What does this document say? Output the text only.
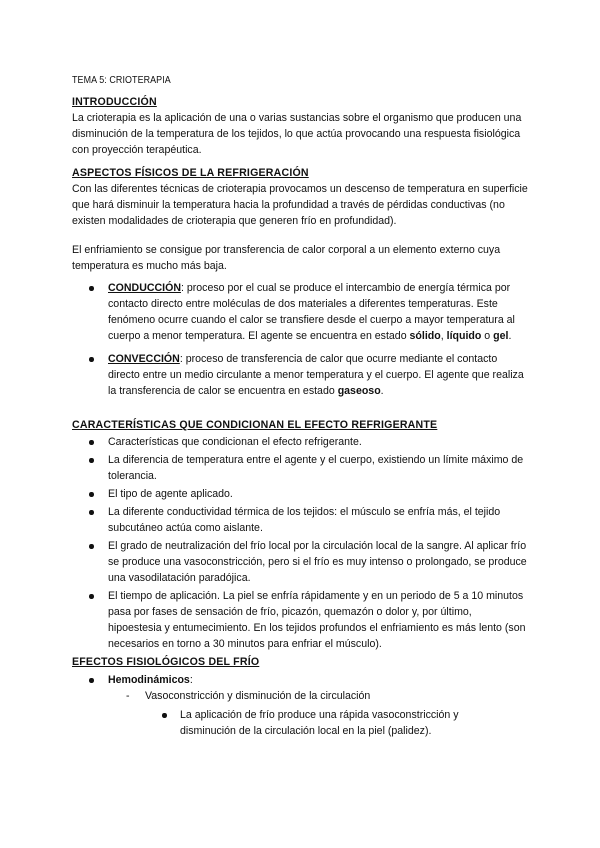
TEMA 5: CRIOTERAPIA
INTRODUCCIÓN

La crioterapia es la aplicación de una o varias sustancias sobre el organismo que producen una disminución de la temperatura de los tejidos, lo que actúa provocando una respuesta fisiológica con proyección terapéutica.

ASPECTOS FÍSICOS DE LA REFRIGERACIÓN

Con las diferentes técnicas de crioterapia provocamos un descenso de temperatura en superficie que hará disminuir la temperatura hacia la profundidad a través de pérdidas conductivas (no existen modalidades de crioterapia que generen frío en profundidad).

El enfriamiento se consigue por transferencia de calor corporal a un elemento externo cuya temperatura es mucho más baja.

CONDUCCIÓN: proceso por el cual se produce el intercambio de energía térmica por contacto directo entre moléculas de dos materiales a diferentes temperaturas. Este fenómeno ocurre cuando el calor se transfiere desde el cuerpo a mayor temperatura al cuerpo a menor temperatura. El agente se encuentra en estado sólido, líquido o gel.
CONVECCIÓN: proceso de transferencia de calor que ocurre mediante el contacto directo entre un medio circulante a menor temperatura y el cuerpo. El agente que realiza la transferencia de calor se encuentra en estado gaseoso.
CARACTERÍSTICAS QUE CONDICIONAN EL EFECTO REFRIGERANTE
Características que condicionan el efecto refrigerante.
La diferencia de temperatura entre el agente y el cuerpo, existiendo un límite máximo de tolerancia.
El tipo de agente aplicado.
La diferente conductividad térmica de los tejidos: el músculo se enfría más, el tejido subcutáneo actúa como aislante.
El grado de neutralización del frío local por la circulación local de la sangre. Al aplicar frío se produce una vasoconstricción, pero si el frío es muy intenso o prolongado, se produce una vasodilatación paradójica.
El tiempo de aplicación. La piel se enfría rápidamente y en un periodo de 5 a 10 minutos pasa por fases de sensación de frío, picazón, quemazón o dolor y, por último, hipoestesia y entumecimiento. En los tejidos profundos el enfriamiento es más lento (son necesarios en torno a 30 minutos para enfriar el músculo).
EFECTOS FISIOLÓGICOS DEL FRÍO
Hemodinámicos:
- Vasoconstricción y disminución de la circulación
La aplicación de frío produce una rápida vasoconstricción y disminución de la circulación local en la piel (palidez).
